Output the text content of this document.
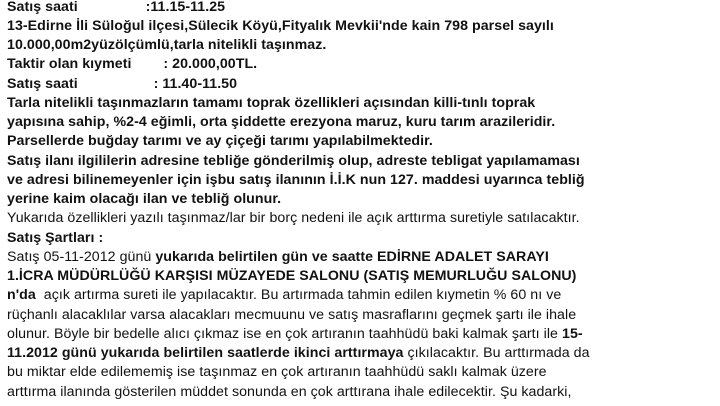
Satış saati                 :11.15-11.25
13-Edirne İli Süloğul ilçesi,Sülecik Köyü,Fityalık Mevkii'nde kain 798 parsel sayılı
10.000,00m2yüzölçümlü,tarla nitelikli taşınmaz.
Taktir olan kıymeti        : 20.000,00TL.
Satış saati                   : 11.40-11.50
Tarla nitelikli taşınmazların tamamı toprak özellikleri açısından killi-tınlı toprak
yapısına sahip, %2-4 eğimli, orta şiddette erezyona maruz, kuru tarım arazileridir.
Parsellerde buğday tarımı ve ay çiçeği tarımı yapılabilmektedir.
Satış ilanı ilgililerin adresine tebliğe gönderilmiş olup, adreste tebligat yapılamaması
ve adresi bilinemeyenler için işbu satış ilanının İ.İ.K nun 127. maddesi uyarınca tebliğ
yerine kaim olacağı ilan ve tebliğ olunur.
Yukarıda özellikleri yazılı taşınmaz/lar bir borç nedeni ile açık arttırma suretiyle satılacaktır.
Satış Şartları :
Satış 05-11-2012 günü yukarıda belirtilen gün ve saatte EDİRNE ADALET SARAYI
1.İCRA MÜDÜRLÜĞÜ KARŞISI MÜZAYEDE SALONU (SATIŞ MEMURLUĞU SALONU)
n'da  açık artırma sureti ile yapılacaktır. Bu artırmada tahmin edilen kıymetin % 60 nı ve
rüçhanlı alacaklılar varsa alacakları mecmuunu ve satış masraflarını geçmek şartı ile ihale
olunur. Böyle bir bedelle alıcı çıkmaz ise en çok artıranın taahhüdü baki kalmak şartı ile 15-
11.2012 günü yukarıda belirtilen saatlerde ikinci arttırmaya çıkılacaktır. Bu arttırmada da
bu miktar elde edilememiş ise taşınmaz en çok artıranın taahhüdü saklı kalmak üzere
arttırma ilanında gösterilen müddet sonunda en çok arttırana ihale edilecektir. Şu kadarki,
